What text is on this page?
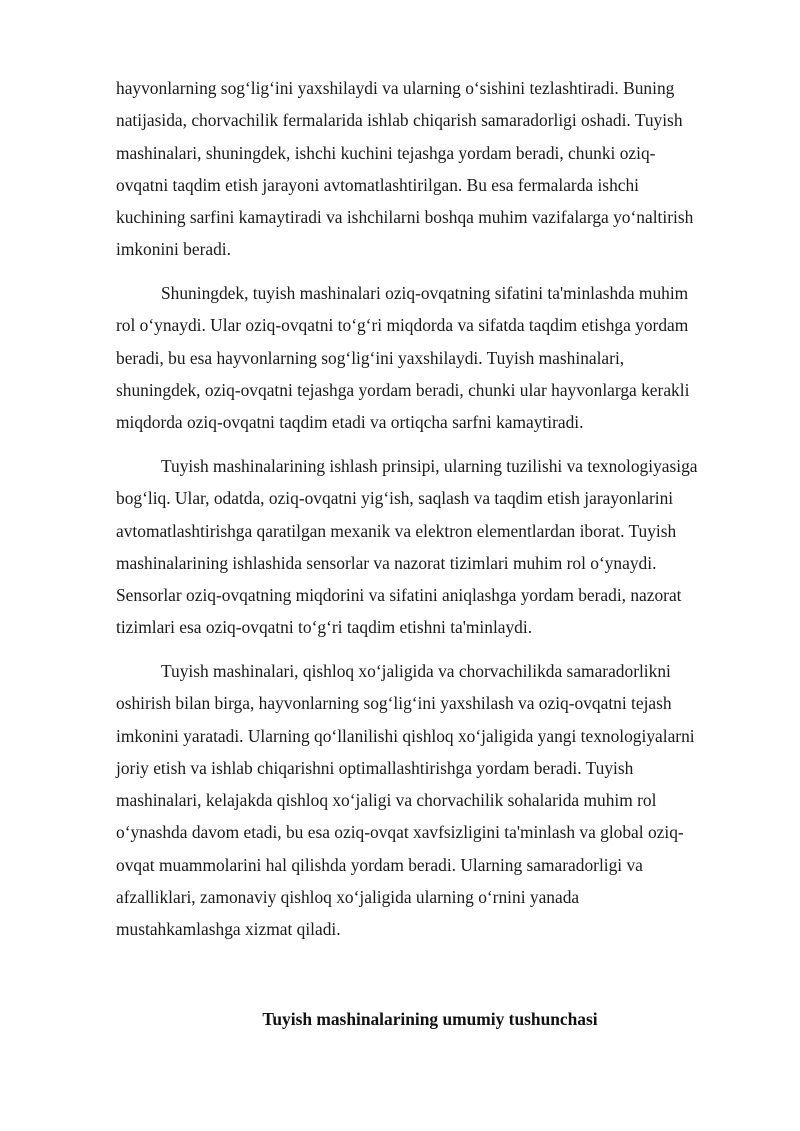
hayvonlarning sog‘lig‘ini yaxshilaydi va ularning o‘sishini tezlashtiradi. Buning
natijasida, chorvachilik fermalarida ishlab chiqarish samaradorligi oshadi. Tuyish
mashinalari, shuningdek, ishchi kuchini tejashga yordam beradi, chunki oziq-
ovqatni taqdim etish jarayoni avtomatlashtirilgan. Bu esa fermalarda ishchi
kuchining sarfini kamaytiradi va ishchilarni boshqa muhim vazifalarga yo‘naltirish
imkonini beradi.

Shuningdek, tuyish mashinalari oziq-ovqatning sifatini ta'minlashda muhim
rol o‘ynaydi. Ular oziq-ovqatni to‘g‘ri miqdorda va sifatda taqdim etishga yordam
beradi, bu esa hayvonlarning sog‘lig‘ini yaxshilaydi. Tuyish mashinalari,
shuningdek, oziq-ovqatni tejashga yordam beradi, chunki ular hayvonlarga kerakli
miqdorda oziq-ovqatni taqdim etadi va ortiqcha sarfni kamaytiradi.

Tuyish mashinalarining ishlash prinsipi, ularning tuzilishi va texnologiyasiga
bog‘liq. Ular, odatda, oziq-ovqatni yig‘ish, saqlash va taqdim etish jarayonlarini
avtomatlashtirishga qaratilgan mexanik va elektron elementlardan iborat. Tuyish
mashinalarining ishlashida sensorlar va nazorat tizimlari muhim rol o‘ynaydi.
Sensorlar oziq-ovqatning miqdorini va sifatini aniqlashga yordam beradi, nazorat
tizimlari esa oziq-ovqatni to‘g‘ri taqdim etishni ta'minlaydi.

Tuyish mashinalari, qishloq xo‘jaligida va chorvachilikda samaradorlikni
oshirish bilan birga, hayvonlarning sog‘lig‘ini yaxshilash va oziq-ovqatni tejash
imkonini yaratadi. Ularning qo‘llanilishi qishloq xo‘jaligida yangi texnologiyalarni
joriy etish va ishlab chiqarishni optimallashtirishga yordam beradi. Tuyish
mashinalari, kelajakda qishloq xo‘jaligi va chorvachilik sohalarida muhim rol
o‘ynashda davom etadi, bu esa oziq-ovqat xavfsizligini ta'minlash va global oziq-
ovqat muammolarini hal qilishda yordam beradi. Ularning samaradorligi va
afzalliklari, zamonaviy qishloq xo‘jaligida ularning o‘rnini yanada
mustahkamlashga xizmat qiladi.

Tuyish mashinalarining umumiy tushunchasi
